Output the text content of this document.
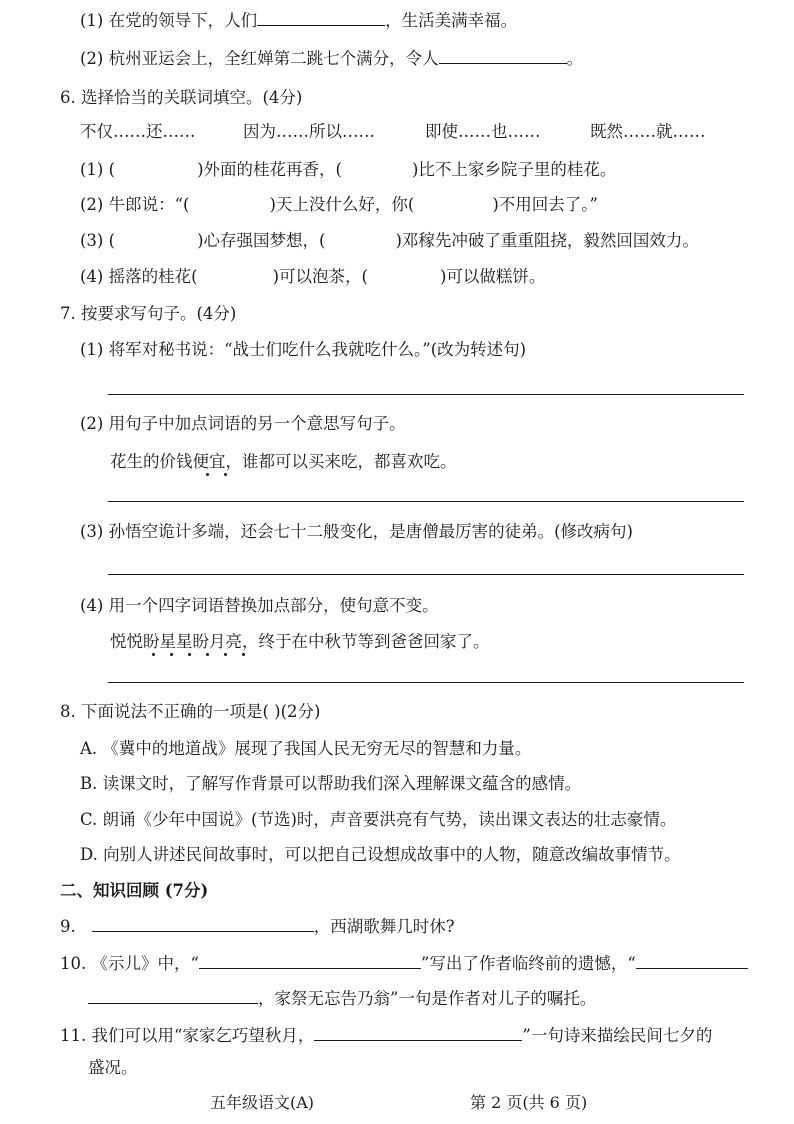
(1) 在党的领导下，人们	，生活美满幸福。
(2) 杭州亚运会上，全红婵第二跳七个满分，令人	。
6. 选择恰当的关联词填空。(4分)
不仅……还……	因为……所以……	即使……也……	既然……就……
(1) (	)外面的桂花再香，(	)比不上家乡院子里的桂花。
(2) 牛郎说：“(	)天上没什么好，你(	)不用回去了。”
(3) (	)心存强国梦想，(	)邓稼先冲破了重重阻挠，毅然回国效力。
(4) 摇落的桂花(	)可以泡茶，(	)可以做糕饼。
7. 按要求写句子。(4分)
(1) 将军对秘书说：“战士们吃什么我就吃什么。”(改为转述句)
(2) 用句子中加点词语的另一个意思写句子。
花生的价钱便宜，谁都可以买来吃，都喜欢吃。
(3) 孙悟空诡计多端，还会七十二般变化，是唐僧最厉害的徒弟。(修改病句)
(4) 用一个四字词语替换加点部分，使句意不变。
悦悦盼星星盼月亮，终于在中秋节等到爸爸回家了。
8. 下面说法不正确的一项是( )(2分)
A. 《冀中的地道战》展现了我国人民无穷无尽的智慧和力量。
B. 读课文时，了解写作背景可以帮助我们深入理解课文蕴含的感情。
C. 朗诵《少年中国说》(节选)时，声音要洪亮有气势，读出课文表达的壮志豪情。
D. 向别人讲述民间故事时，可以把自己设想成故事中的人物，随意改编故事情节。
二、知识回顾 (7分)
9.	，西湖歌舞几时休?
10. 《示儿》中，“	”写出了作者临终前的遗憾，“
，家祭无忘告乃翁”一句是作者对儿子的嘱托。
11. 我们可以用“家家乞巧望秋月，	”一句诗来描绘民间七夕的
盛况。
五年级语文(A)	第 2 页(共 6 页)
